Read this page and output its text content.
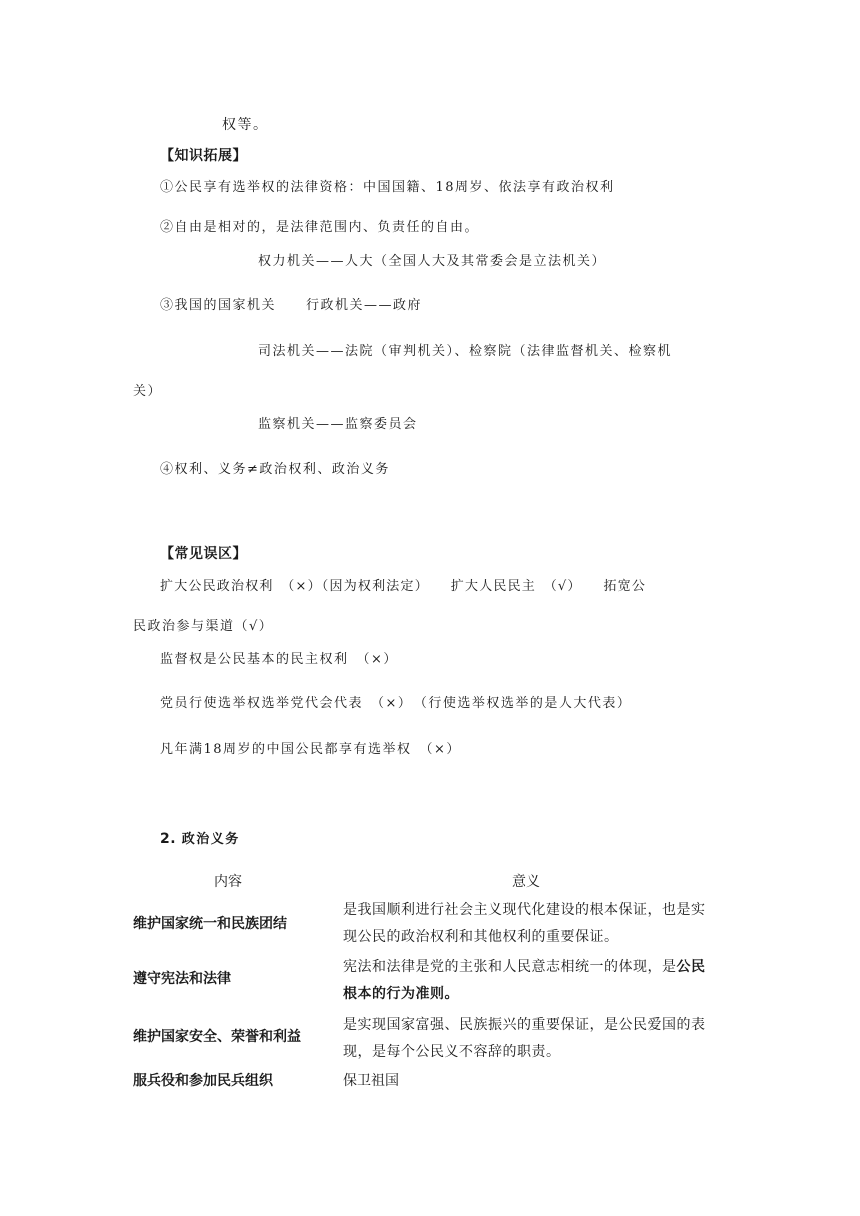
权等。
【知识拓展】
①公民享有选举权的法律资格：中国国籍、18周岁、依法享有政治权利
②自由是相对的，是法律范围内、负责任的自由。
权力机关——人大（全国人大及其常委会是立法机关）
③我国的国家机关 行政机关——政府
司法机关——法院（审判机关）、检察院（法律监督机关、检察机
关）
监察机关——监察委员会
④权利、义务≠政治权利、政治义务
【常见误区】
扩大公民政治权利　（×）（因为权利法定）　　扩大人民民主　（√）　　拓宽公
民政治参与渠道（√）
监督权是公民基本的民主权利　（×）
党员行使选举权选举党代会代表　（×）　（行使选举权选举的是人大代表）
凡年满18周岁的中国公民都享有选举权　（×）
2. 政治义务
内容	意义
维护国家统一和民族团结
是我国顺利进行社会主义现代化建设的根本保证，也是实现公民的政治权利和其他权利的重要保证。
遵守宪法和法律
宪法和法律是党的主张和人民意志相统一的体现，是公民根本的行为准则。
维护国家安全、荣誉和利益
是实现国家富强、民族振兴的重要保证，是公民爱国的表现，是每个公民义不容辞的职责。
服兵役和参加民兵组织	保卫祖国
